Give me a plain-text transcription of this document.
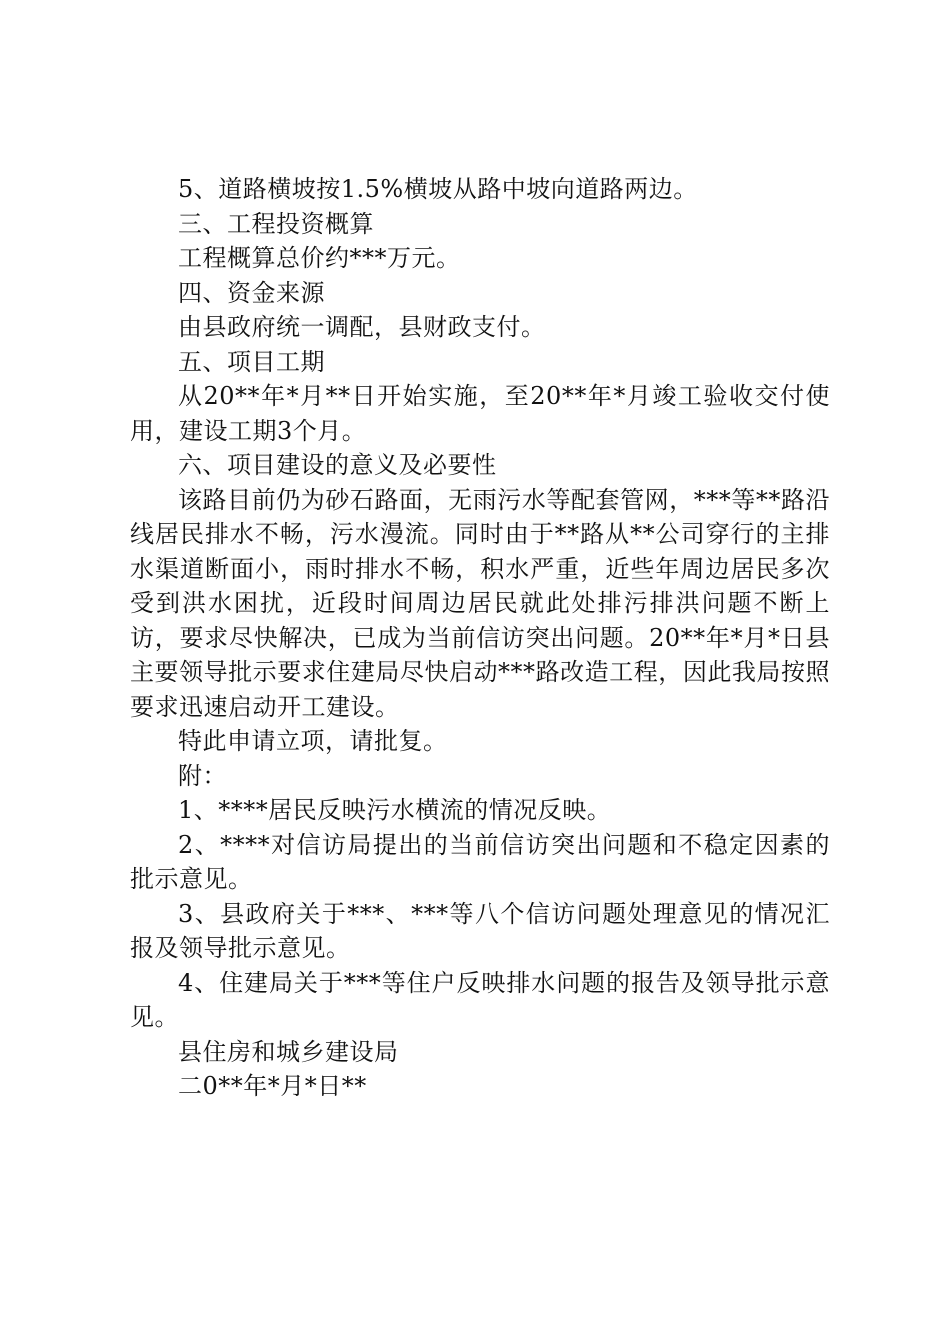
5、道路横坡按1.5%横坡从路中坡向道路两边。

三、工程投资概算

工程概算总价约***万元。

四、资金来源

由县政府统一调配，县财政支付。

五、项目工期

从20**年*月**日开始实施，至20**年*月竣工验收交付使用，建设工期3个月。

六、项目建设的意义及必要性

该路目前仍为砂石路面，无雨污水等配套管网，***等**路沿线居民排水不畅，污水漫流。同时由于**路从**公司穿行的主排水渠道断面小，雨时排水不畅，积水严重，近些年周边居民多次受到洪水困扰，近段时间周边居民就此处排污排洪问题不断上访，要求尽快解决，已成为当前信访突出问题。20**年*月*日县主要领导批示要求住建局尽快启动***路改造工程，因此我局按照要求迅速启动开工建设。

特此申请立项，请批复。

附：

1、****居民反映污水横流的情况反映。

2、****对信访局提出的当前信访突出问题和不稳定因素的批示意见。

3、县政府关于***、***等八个信访问题处理意见的情况汇报及领导批示意见。

4、住建局关于***等住户反映排水问题的报告及领导批示意见。

县住房和城乡建设局

二0**年*月*日**
